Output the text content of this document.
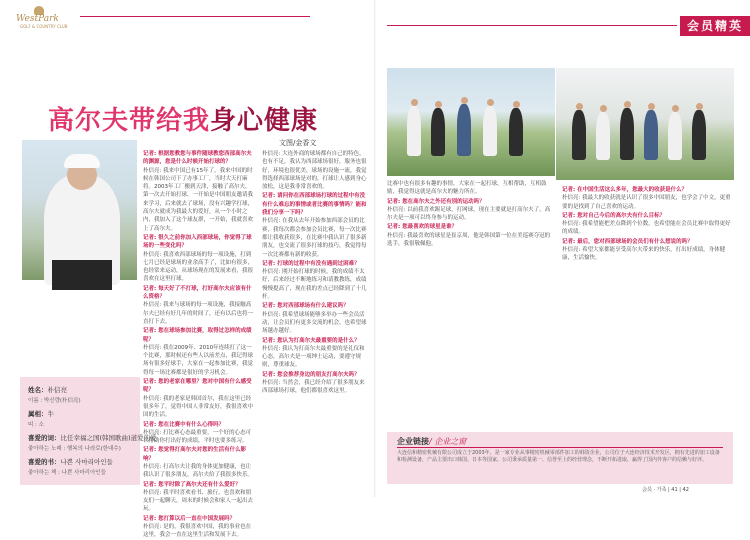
WestPark
GOLF & COUNTRY CLUB	会员精英
高尔夫带给我身心健康
文图/金香文

记者: 根据您教您与事件随球教您西部高尔夫的渊源，您是什么时候开始打球的？
朴信亮: 我来中国已有15年了，我来中国的时候在韩国公司下了办事工厂，当时大天打麻将。2003年工厂搬到天津，接触了高尔夫，第一次去开始打球，一开始是中国朋友邀请我来学习，后来就去了球场，没有兴趣学打球，高尔夫就成为我最大的爱好，从一个小时之内，我加入了这个球友群，一开始，我就喜欢上了高尔夫。

记者: 很久之前你加入西部球场，你觉得了球场的一些变化吗？
朴信亮: 我喜欢西部球场的每一项设施，打到七月已经是球场的业余高手了，比如有很多，也经常来运动，从球场现在的发展来看，我很喜欢在这里打球。

记者: 每天好了不打球，打好高尔夫应该有什么资格？
朴信亮: 我来与球场的每一项设施，我接触高尔夫已经有好几年的时间了，还有以后也将一直打下去。

记者: 您在球场参加比赛，取得过怎样的成绩呢？
朴信亮: 我在2009年、2010年连续打了这一个比赛，那时候还有些人以前差点，我记得球场有很多好球手，大家在一起参加比赛，我觉得每一场比赛都是很好的学习机会。

记者: 您的老家在哪里？您对中国有什么感受呢？
朴信亮: 我的老家是韩国首尔，我在这里已经很多年了，觉得中国人非常友好，我很喜欢中国的生活。

记者: 您在比赛中有什么心得吗？
朴信亮: 打比赛心态最重要，一个好的心态可以帮助你打出好的成绩，平时也要多练习。

记者: 您觉得打高尔夫对您的生活有什么影响？
朴信亮: 打高尔夫让我的身体更加健康，也让我认识了很多朋友，高尔夫给了我很多快乐。

记者: 您平时除了高尔夫还有什么爱好？
朴信亮: 我平时喜欢看书、旅行，也喜欢和朋友们一起聊天，周末的时候会和家人一起出去玩。

记者: 您打算以后一直在中国发展吗？
朴信亮: 是的，我很喜欢中国，我的事业也在这里，我会一直在这里生活和发展下去。

朴信亮: 大连外商的球场都有自己的特色，也有不足，我认为西部球场很好，服务也很好，环境也很优美，球场的设施一流，我觉得选择西部球场是对的，打球让人感到身心放松，这是我非常喜欢的。

记者: 请问你在西部球场打球的过程中有没有什么难忘的事情或者比赛的事情吗？能和我们分享一下吗？
朴信亮: 在我从去年开始参加西部会员的比赛，我每次都会参加会员比赛，每一次比赛都让我收获很多，在比赛中我认识了很多新朋友，也交流了很多打球的技巧，我觉得每一次比赛都有新的收获。

记者: 打球的过程中有没有遇到过困难？
朴信亮: 刚开始打球的时候，我的成绩不太好，后来经过不断地练习和请教教练，成绩慢慢提高了，现在我的差点已经降到了十几杆。

记者: 您对西部球场有什么建议吗？
朴信亮: 我希望球场能够多举办一些会员活动，让会员们有更多交流的机会，也希望球场越办越好。

记者: 您认为打高尔夫最重要的是什么？
朴信亮: 我认为打高尔夫最重要的是礼仪和心态，高尔夫是一项绅士运动，要遵守规则，尊重球友。

记者: 您会推荐身边的朋友打高尔夫吗？
朴信亮: 当然会，我已经介绍了很多朋友来西部球场打球，他们都很喜欢这里。

姓名：朴信亮
이름 : 박신량(朴信亮)
属相：牛
띠 : 소
喜爱的词：比任幸福之国(韩国歌曲)道爱的爱
좋아하는 노래 : 행복의 나라로(한대수)
喜爱的书：나쁜 사마리아인들
좋아하는 책 : 나쁜 사마리아인들

比赛中也有很多有趣的事情，大家在一起打球，互相帮助，互相鼓励，我觉得这就是高尔夫的魅力所在。

记者: 您在高尔夫之外还有别的运动吗？
朴信亮: 以前我喜欢踢足球，打网球，现在主要就是打高尔夫了，高尔夫是一项可以终身参与的运动。

记者: 您最喜欢的球星是谁？
朴信亮: 我最喜欢的球星是崔京周，他是韩国第一位在美巡赛夺冠的选手，我很敬佩他。

记者: 在中国生活这么多年，您最大的收获是什么？
朴信亮: 我最大的收获就是认识了很多中国朋友，也学会了中文，更重要的是找到了自己喜欢的运动。

记者: 您对自己今后的高尔夫有什么目标？
朴信亮: 我希望能把差点降到个位数，也希望能在会员比赛中取得更好的成绩。

记者: 最后，您对西部球场的会员们有什么想说的吗？
朴信亮: 希望大家都能享受高尔夫带来的快乐，打出好成绩，身体健康，生活愉快。

企业链接/ 企业之窗
大连信和精密机械有限公司成立于2003年，是一家专业从事精密机械零部件加工的韩资企业，公司位于大连经济技术开发区，拥有先进的加工设备和检测设备，产品主要出口韩国、日本等国家，公司秉承质量第一、信誉至上的经营理念，不断开拓进取，赢得了国内外客户的信赖与好评。
会员 · 가족 | 41 | 42
